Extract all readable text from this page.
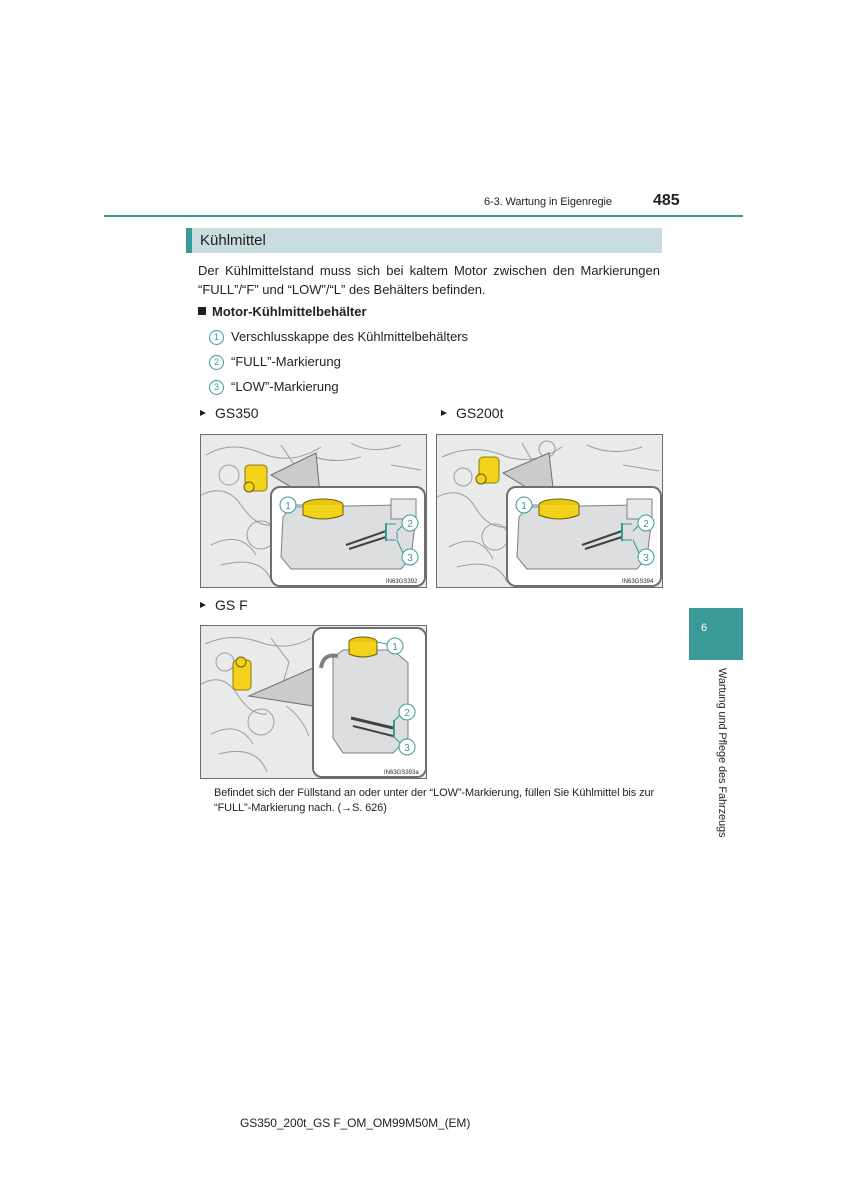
6-3. Wartung in Eigenregie	485
6
Wartung und Pflege des Fahrzeugs
Kühlmittel
Der Kühlmittelstand muss sich bei kaltem Motor zwischen den Markierungen “FULL”/“F” und “LOW”/“L” des Behälters befinden.
Motor-Kühlmittelbehälter
1 Verschlusskappe des Kühlmittelbehälters
2 “FULL”-Markierung
3 “LOW”-Markierung
GS350	GS200t
GS F
1
2
3
IN63GS392
1
2
3
IN63GS394
1
2
3
IN63GS393a
Befindet sich der Füllstand an oder unter der “LOW”-Markierung, füllen Sie Kühlmittel bis zur “FULL”-Markierung nach. (→S. 626)
GS350_200t_GS F_OM_OM99M50M_(EM)
